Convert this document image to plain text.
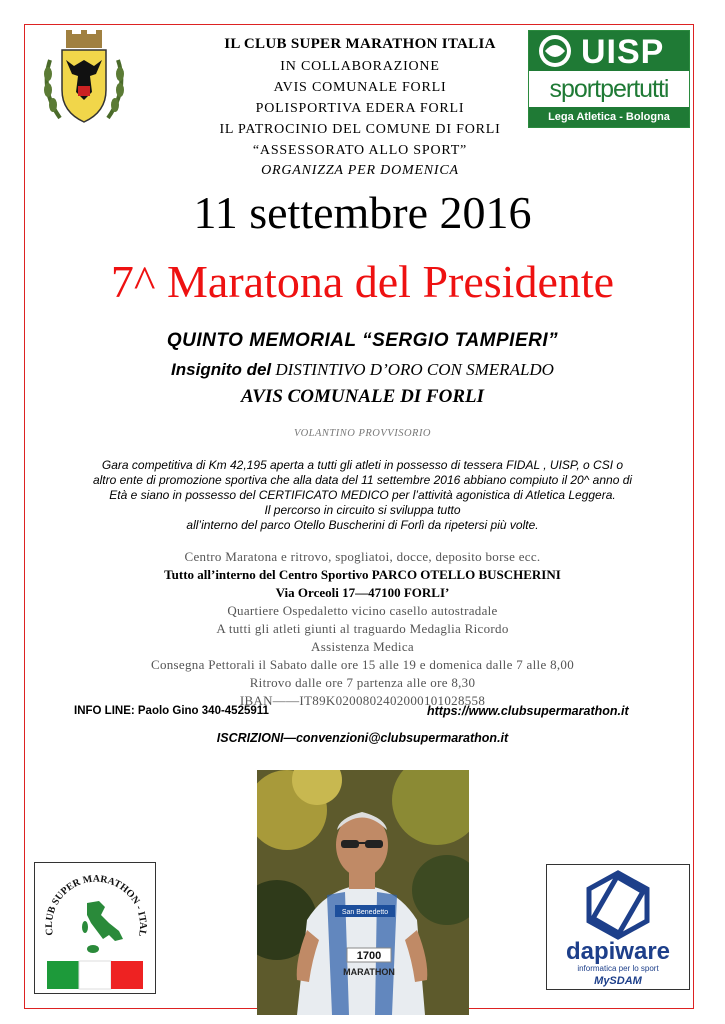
UISP
sportpertutti
Lega Atletica - Bologna
IL CLUB SUPER MARATHON ITALIA
IN COLLABORAZIONE
AVIS COMUNALE FORLI
POLISPORTIVA EDERA FORLI
IL PATROCINIO DEL COMUNE DI FORLI
“ASSESSORATO ALLO SPORT”
ORGANIZZA PER DOMENICA
11 settembre 2016
7^ Maratona del Presidente
QUINTO MEMORIAL “SERGIO TAMPIERI”
Insignito del DISTINTIVO D’ORO CON SMERALDO
AVIS COMUNALE DI FORLI
VOLANTINO PROVVISORIO
Gara competitiva di Km 42,195 aperta a tutti gli atleti in possesso di tessera FIDAL , UISP, o CSI o
altro ente di promozione sportiva che alla data del 11 settembre 2016 abbiano compiuto il 20^ anno di
Età e siano in possesso del CERTIFICATO MEDICO per l’attività agonistica di Atletica Leggera.
Il percorso in circuito si sviluppa tutto
all’interno del parco Otello Buscherini di Forlì da ripetersi più volte.
Centro Maratona e ritrovo, spogliatoi, docce, deposito borse ecc.
Tutto all’interno del Centro Sportivo PARCO OTELLO BUSCHERINI
Via Orceoli 17—47100 FORLI’
Quartiere Ospedaletto vicino casello autostradale
A tutti gli atleti giunti al traguardo Medaglia Ricordo
Assistenza Medica
Consegna Pettorali il Sabato dalle ore 15 alle 19 e domenica dalle 7 alle 8,00
Ritrovo dalle ore 7 partenza alle ore 8,30
IBAN——IT89K0200802402000101028558
INFO LINE: Paolo Gino 340-4525911	https://www.clubsupermarathon.it
ISCRIZIONI—convenzioni@clubsupermarathon.it
San Benedetto
1700
MARATHON
CLUB SUPER MARATHON - ITAL
dapiware
informatica per lo sport
MySDAM
